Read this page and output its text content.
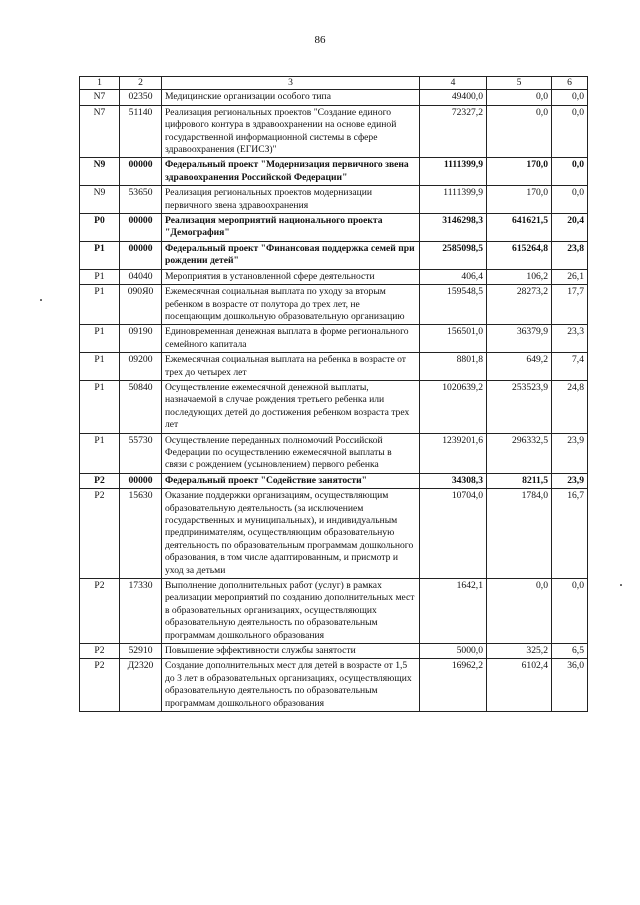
86
1	2	3	4	5	6
N7	02350	Медицинские организации особого типа	49400,0	0,0	0,0
N7	51140	Реализация региональных проектов "Создание единого цифрового контура в здравоохранении на основе единой государственной информационной системы в сфере здравоохранения (ЕГИСЗ)"	72327,2	0,0	0,0
N9	00000	Федеральный проект "Модернизация первичного звена здравоохранения Российской Федерации"	1111399,9	170,0	0,0
N9	53650	Реализация региональных проектов модернизации первичного звена здравоохранения	1111399,9	170,0	0,0
P0	00000	Реализация мероприятий национального проекта "Демография"	3146298,3	641621,5	20,4
P1	00000	Федеральный проект "Финансовая поддержка семей при рождении детей"	2585098,5	615264,8	23,8
P1	04040	Мероприятия в установленной сфере деятельности	406,4	106,2	26,1
P1	090Я0	Ежемесячная социальная выплата по уходу за вторым ребенком в возрасте от полутора до трех лет, не посещающим дошкольную образовательную организацию	159548,5	28273,2	17,7
P1	09190	Единовременная денежная выплата в форме регионального семейного капитала	156501,0	36379,9	23,3
P1	09200	Ежемесячная социальная выплата на ребенка в возрасте от трех до четырех лет	8801,8	649,2	7,4
P1	50840	Осуществление ежемесячной денежной выплаты, назначаемой в случае рождения третьего ребенка или последующих детей до достижения ребенком возраста трех лет	1020639,2	253523,9	24,8
P1	55730	Осуществление переданных полномочий Российской Федерации по осуществлению ежемесячной выплаты в связи с рождением (усыновлением) первого ребенка	1239201,6	296332,5	23,9
P2	00000	Федеральный проект "Содействие занятости"	34308,3	8211,5	23,9
P2	15630	Оказание поддержки организациям, осуществляющим образовательную деятельность (за исключением государственных и муниципальных), и индивидуальным предпринимателям, осуществляющим образовательную деятельность по образовательным программам дошкольного образования, в том числе адаптированным, и присмотр и уход за детьми	10704,0	1784,0	16,7
P2	17330	Выполнение дополнительных работ (услуг) в рамках реализации мероприятий по созданию дополнительных мест в образовательных организациях, осуществляющих образовательную деятельность по образовательным программам дошкольного образования	1642,1	0,0	0,0
P2	52910	Повышение эффективности службы занятости	5000,0	325,2	6,5
P2	Д2320	Создание дополнительных мест для детей в возрасте от 1,5 до 3 лет в образовательных организациях, осуществляющих образовательную деятельность по образовательным программам дошкольного образования	16962,2	6102,4	36,0
